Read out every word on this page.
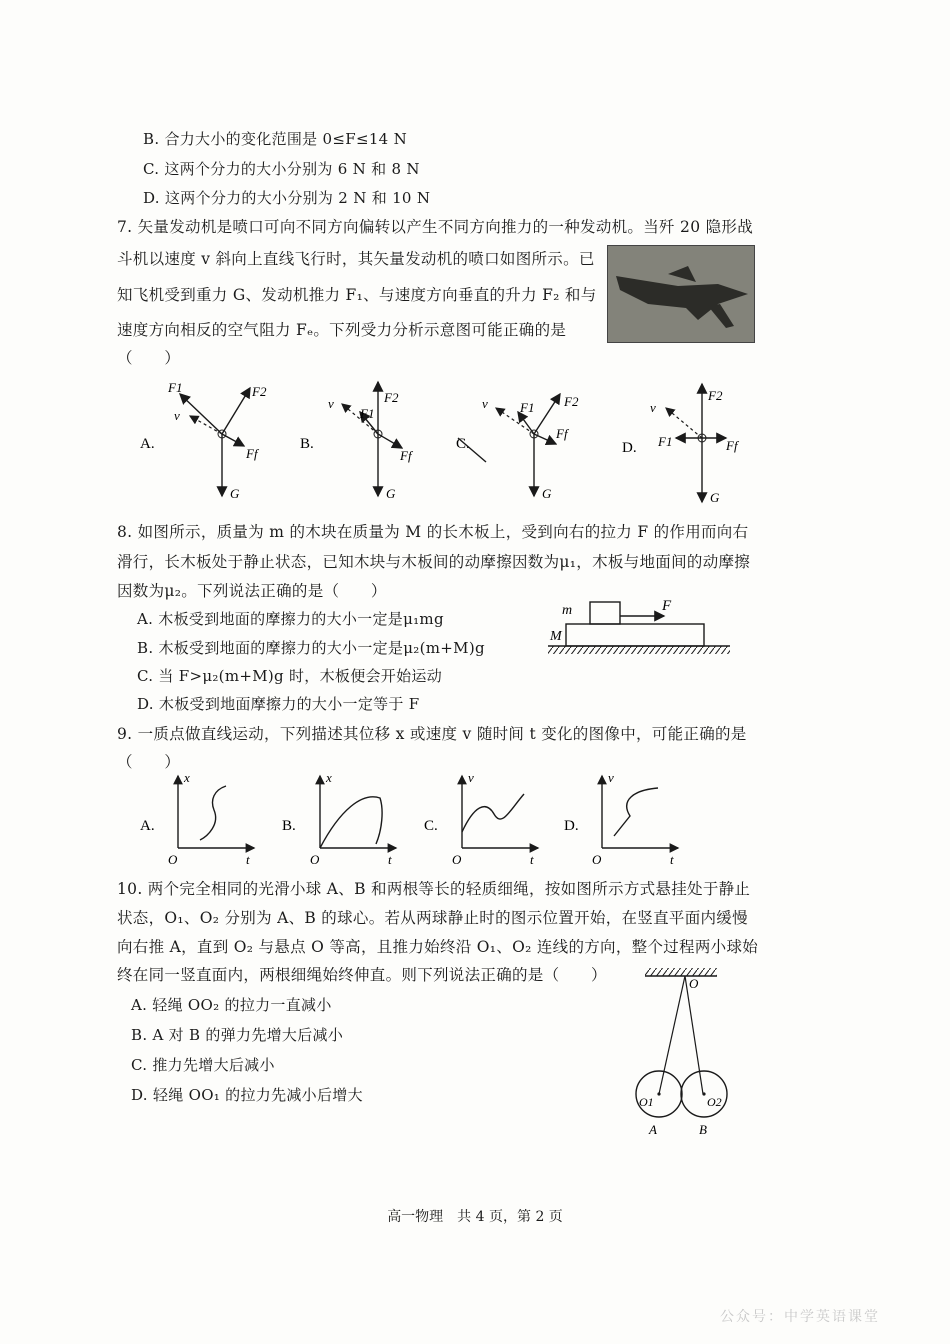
B. 合力大小的变化范围是 0≤F≤14 N
C. 这两个分力的大小分别为 6 N 和 8 N
D. 这两个分力的大小分别为 2 N 和 10 N
7. 矢量发动机是喷口可向不同方向偏转以产生不同方向推力的一种发动机。当歼 20 隐形战
斗机以速度 v 斜向上直线飞行时，其矢量发动机的喷口如图所示。已
知飞机受到重力 G、发动机推力 F₁、与速度方向垂直的升力 F₂ 和与
速度方向相反的空气阻力 Fₑ。下列受力分析示意图可能正确的是
（　　）
A.
F1	F2
v
Ff
G
B.
v
F1
F2
Ff
G
C.
v F1 F2
Ff
G
D.
v
F1
F2
Ff
G
8. 如图所示，质量为 m 的木块在质量为 M 的长木板上，受到向右的拉力 F 的作用而向右
滑行，长木板处于静止状态，已知木块与木板间的动摩擦因数为μ₁，木板与地面间的动摩擦
因数为μ₂。下列说法正确的是（　　）
A. 木板受到地面的摩擦力的大小一定是μ₁mg
B. 木板受到地面的摩擦力的大小一定是μ₂(m+M)g
C. 当 F>μ₂(m+M)g 时，木板便会开始运动
D. 木板受到地面摩擦力的大小一定等于 F
m
M
F
9. 一质点做直线运动，下列描述其位移 x 或速度 v 随时间 t 变化的图像中，可能正确的是
（　　）
A.
x
O	t
B.
x
O	t
C.
v
O	t
D.
v
O	t
10. 两个完全相同的光滑小球 A、B 和两根等长的轻质细绳，按如图所示方式悬挂处于静止
状态，O₁、O₂ 分别为 A、B 的球心。若从两球静止时的图示位置开始，在竖直平面内缓慢
向右推 A，直到 O₂ 与悬点 O 等高，且推力始终沿 O₁、O₂ 连线的方向，整个过程两小球始
终在同一竖直面内，两根细绳始终伸直。则下列说法正确的是（　　）
A. 轻绳 OO₂ 的拉力一直减小
B. A 对 B 的弹力先增大后减小
C. 推力先增大后减小
D. 轻绳 OO₁ 的拉力先减小后增大
O
O1	O2
A	B
高一物理　共 4 页，第 2 页
公众号：中学英语课堂
